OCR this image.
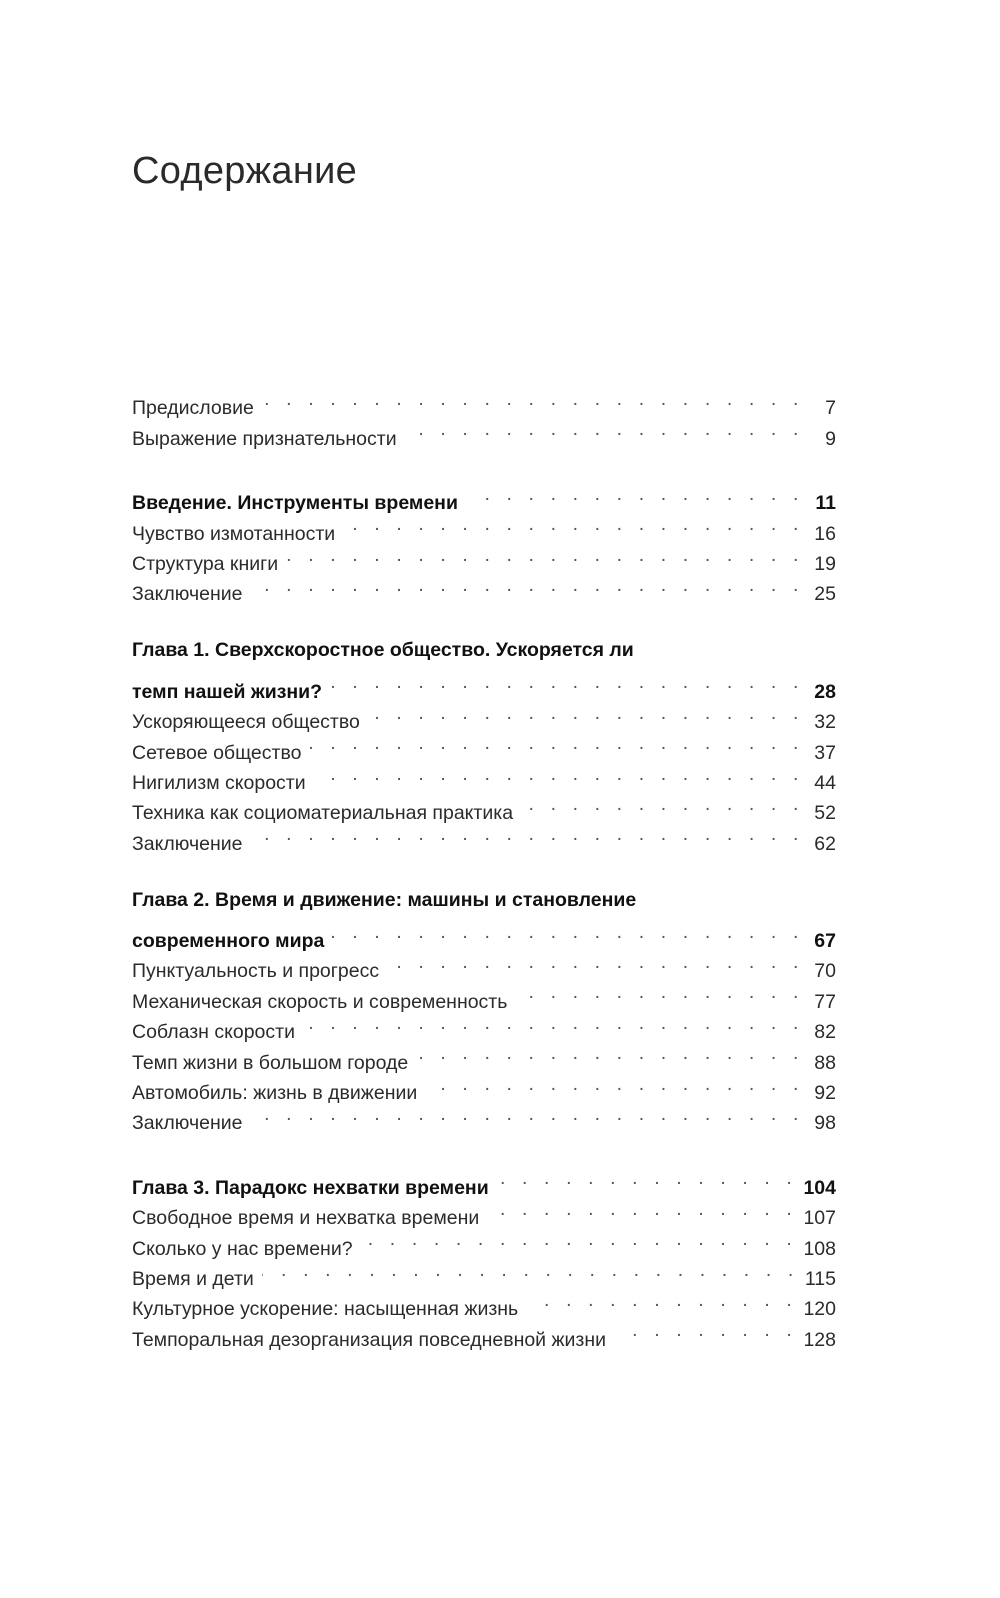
Содержание
Предисловие . . .	7
Выражение признательности . . .	9
Введение. Инструменты времени . . .	11
Чувство измотанности . . .	16
Структура книги . . .	19
Заключение . . .	25
Глава 1. Сверхскоростное общество. Ускоряется ли
темп нашей жизни? . . .	28
Ускоряющееся общество . . .	32
Сетевое общество . . .	37
Нигилизм скорости . . .	44
Техника как социоматериальная практика . . .	52
Заключение . . .	62
Глава 2. Время и движение: машины и становление
современного мира . . .	67
Пунктуальность и прогресс . . .	70
Механическая скорость и современность . . .	77
Соблазн скорости . . .	82
Темп жизни в большом городе . . .	88
Автомобиль: жизнь в движении . . .	92
Заключение . . .	98
Глава 3. Парадокс нехватки времени . . .	104
Свободное время и нехватка времени . . .	107
Сколько у нас времени? . . .	108
Время и дети . . .	115
Культурное ускорение: насыщенная жизнь . . .	120
Темпоральная дезорганизация повседневной жизни . . .	128
